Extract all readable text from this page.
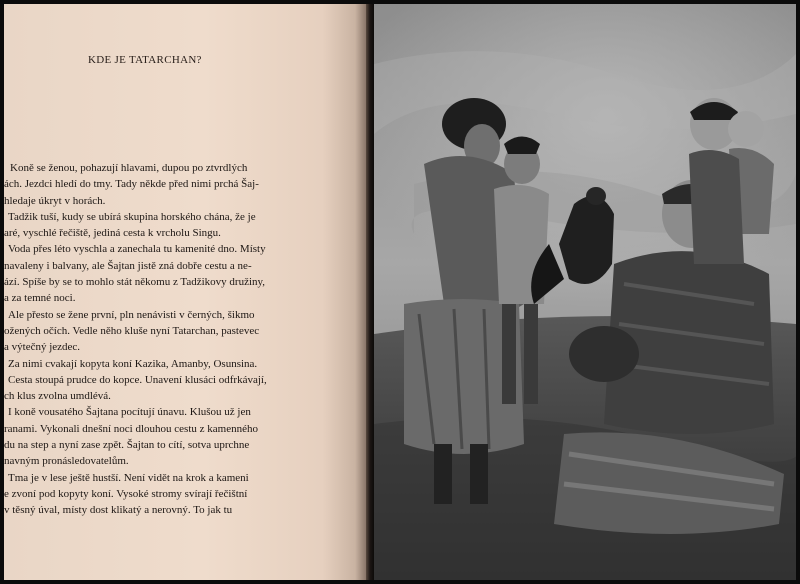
KDE JE TATARCHAN?
Koně se ženou, pohazují hlavami, dupou po ztvrdlých
ách. Jezdci hledí do tmy. Tady někde před nimi prchá Šaj-
hledaje úkryt v horách.
Tadžik tuší, kudy se ubírá skupina horského chána, že je
aré, vyschlé řečiště, jediná cesta k vrcholu Singu.
Voda přes léto vyschla a zanechala tu kamenité dno. Místy
navaleny i balvany, ale Šajtan jistě zná dobře cestu a ne-
ází. Spíše by se to mohlo stát někomu z Tadžikovy družiny,
a za temné noci.
Ale přesto se žene první, pln nenávisti v černých, šikmo
ožených očích. Vedle něho kluše nyní Tatarchan, pastevec
a výtečný jezdec.
Za nimi cvakají kopyta koní Kazika, Amanby, Osunsina.
Cesta stoupá prudce do kopce. Unavení klusáci odfrkávají,
ch klus zvolna umdlévá.
I koně vousatého Šajtana pocítují únavu. Klušou už jen
ranami. Vykonali dnešní noci dlouhou cestu z kamenného
du na step a nyní zase zpět. Šajtan to cítí, sotva uprchne
navným pronásledovatelům.
Tma je v lese ještě hustší. Není vidět na krok a kameni
e zvoní pod kopyty koní. Vysoké stromy svírají řečištní
v těsný úval, místy dost klikatý a nerovný. To jak tu
